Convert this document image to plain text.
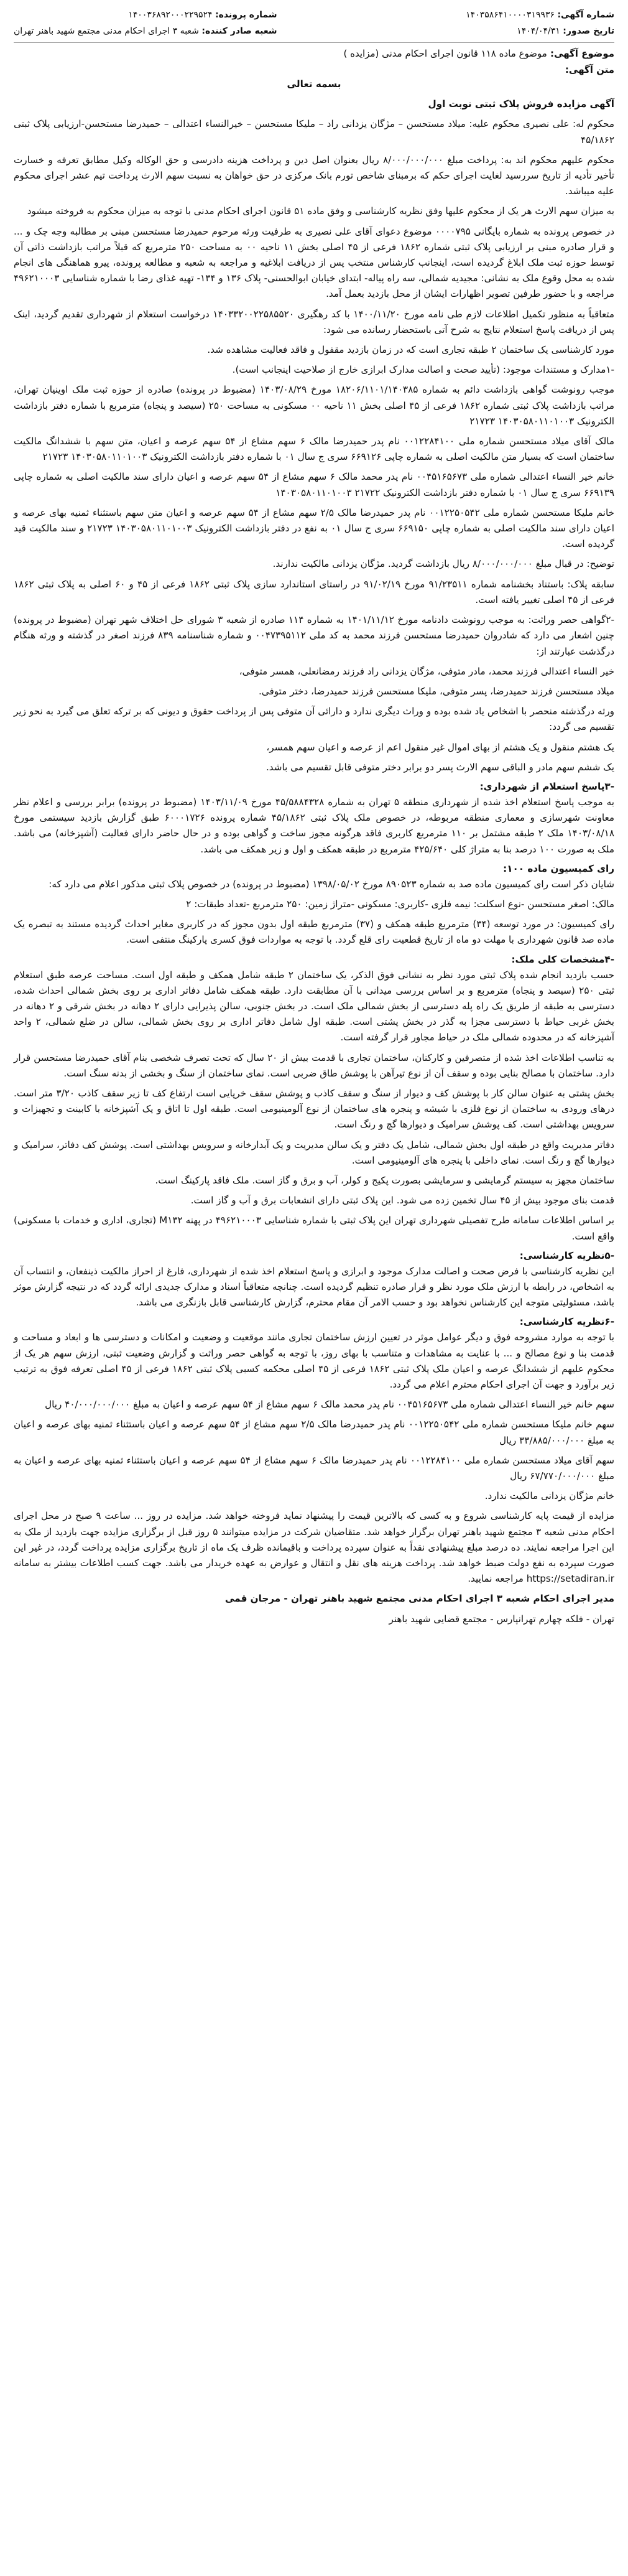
شماره آگهی: ۱۴۰۳۵۸۶۴۱۰۰۰۰۳۱۹۹۳۶
تاریخ صدور: ۱۴۰۴/۰۴/۳۱
شماره پرونده: ۱۴۰۰۳۶۸۹۲۰۰۰۲۲۹۵۲۴
شعبه صادر کننده: شعبه ۳ اجرای احکام مدنی مجتمع شهید باهنر تهران
موضوع آگهی: موضوع ماده ۱۱۸ قانون اجرای احکام مدنی (مزایده )
متن آگهی:

بسمه تعالی

آگهی مزایده فروش پلاک ثبتی نوبت اول

محکوم له: علی نصیری محکوم علیه: میلاد مستحسن – مژگان یزدانی راد – ملیکا مستحسن – خیرالنساء اعتدالی – حمیدرضا مستحسن-ارزیابی پلاک ثبتی ۴۵/۱۸۶۲

محکوم علیهم محکوم اند به: پرداخت مبلغ ۸/۰۰۰/۰۰۰/۰۰۰ ریال بعنوان اصل دین و پرداخت هزینه دادرسی و حق الوکاله وکیل مطابق تعرفه و خسارت تأخیر تأدیه از تاریخ سررسید لغایت اجرای حکم که برمبنای شاخص تورم بانک مرکزی در حق خواهان به نسبت سهم الارث پرداخت تیم عشر اجرای محکوم علیه میباشد.

به میزان سهم الارث هر یک از محکوم علیها وفق نظریه کارشناسی و وفق ماده ۵۱ قانون اجرای احکام مدنی با توجه به میزان محکوم به فروخته میشود

در خصوص پرونده به شماره بایگانی ۰۰۰۰۷۹۵ موضوع دعوای آقای علی نصیری به طرفیت ورثه مرحوم حمیدرضا مستحسن مبنی بر مطالبه وجه چک و ... و قرار صادره مبنی بر ارزیابی پلاک ثبتی شماره ۱۸۶۲ فرعی از ۴۵ اصلی بخش ۱۱ ناحیه ۰۰ به مساحت ۲۵۰ مترمربع که قبلاً مراتب بازداشت ذاتی آن توسط حوزه ثبت ملک ابلاغ گردیده است، اینجانب کارشناس منتخب پس از دریافت ابلاغیه و مراجعه به شعبه و مطالعه پرونده، پیرو هماهنگی های انجام شده به محل وقوع ملک به نشانی: مجیدیه شمالی، سه راه پیاله- ابتدای خیابان ابوالحسنی- پلاک ۱۳۶ و ۱۳۴- تهیه غذای رضا با شماره شناسایی ۴۹۶۲۱۰۰۰۳ مراجعه و با حضور طرفین تصویر اظهارات ایشان از محل بازدید بعمل آمد.

متعاقباً به منظور تکمیل اطلاعات لازم طی نامه مورخ ۱۴۰۰/۱۱/۲۰ با کد رهگیری ۱۴۰۳۳۲۰۰۲۲۵۸۵۵۲۰ درخواست استعلام از شهرداری تقدیم گردید، اینک پس از دریافت پاسخ استعلام نتایج به شرح آتی باستحضار رسانده می شود:

مورد کارشناسی یک ساختمان ۲ طبقه تجاری است که در زمان بازدید مقفول و فاقد فعالیت مشاهده شد.

-۱مدارک و مستندات موجود: (تأیید صحت و اصالت مدارک ابرازی خارج از صلاحیت اینجانب است).

موجب رونوشت گواهی بازداشت دائم به شماره ۱۸۲۰۶/۱۱۰۱/۱۴۰۳۸۵ مورخ ۱۴۰۳/۰۸/۲۹ (مضبوط در پرونده) صادره از حوزه ثبت ملک اوینیان تهران، مراتب بازداشت پلاک ثبتی شماره ۱۸۶۲ فرعی از ۴۵ اصلی بخش ۱۱ ناحیه ۰۰ مسکونی به مساحت ۲۵۰ (سیصد و پنجاه) مترمربع با شماره دفتر بازداشت الکترونیک ۱۴۰۳۰۵۸۰۱۱۰۱۰۰۳ ۲۱۷۲۳

مالک آقای میلاد مستحسن شماره ملی ۰۰۱۲۲۸۴۱۰۰ نام پدر حمیدرضا مالک ۶ سهم مشاع از ۵۴ سهم عرصه و اعیان، متن سهم با ششدانگ مالکیت ساختمان است که بسیار متن مالکیت اصلی به شماره چاپی ۶۶۹۱۲۶ سری ج سال ۰۱ با شماره دفتر بازداشت الکترونیک ۱۴۰۳۰۵۸۰۱۱۰۱۰۰۳ ۲۱۷۲۳

خانم خیر النساء اعتدالی شماره ملی ۰۰۴۵۱۶۵۶۷۳ نام پدر محمد مالک ۶ سهم مشاع از ۵۴ سهم عرصه و اعیان دارای سند مالکیت اصلی به شماره چاپی ۶۶۹۱۳۹ سری ج سال ۰۱ با شماره دفتر بازداشت الکترونیک ۲۱۷۲۲ ۱۴۰۳۰۵۸۰۱۱۰۱۰۰۳

خانم ملیکا مستحسن شماره ملی ۰۰۱۲۲۵۰۵۴۲ نام پدر حمیدرضا مالک ۲/۵ سهم مشاع از ۵۴ سهم عرصه و اعیان متن سهم باستثناء ثمنیه بهای عرصه و اعیان دارای سند مالکیت اصلی به شماره چاپی ۶۶۹۱۵۰ سری ج سال ۰۱ به نفع در دفتر بازداشت الکترونیک ۱۴۰۳۰۵۸۰۱۱۰۱۰۰۳ ۲۱۷۲۳ و سند مالکیت قید گردیده است.

توضیح: در قبال مبلغ ۸/۰۰۰/۰۰۰/۰۰۰ ریال بازداشت گردید. مژگان یزدانی مالکیت ندارند.

سابقه پلاک: باستناد بخشنامه شماره ۹۱/۲۳۵۱۱ مورخ ۹۱/۰۲/۱۹ در راستای استاندارد سازی پلاک ثبتی ۱۸۶۲ فرعی از ۴۵ و ۶۰ اصلی به پلاک ثبتی ۱۸۶۲ فرعی از ۴۵ اصلی تغییر یافته است.

-۲گواهی حصر وراثت: به موجب رونوشت دادنامه مورخ ۱۴۰۱/۱۱/۱۲ به شماره ۱۱۴ صادره از شعبه ۳ شورای حل اختلاف شهر تهران (مضبوط در پرونده) چنین اشعار می دارد که شادروان حمیدرضا مستحسن فرزند محمد به کد ملی ۰۰۴۷۳۹۵۱۱۲ و شماره شناسنامه ۸۳۹ فرزند اصغر در گذشته و ورثه هنگام درگذشت عبارتند از:

خیر النساء اعتدالی فرزند محمد، مادر متوفی، مژگان یزدانی راد فرزند رمضانعلی، همسر متوفی،

میلاد مستحسن فرزند حمیدرضا، پسر متوفی، ملیکا مستحسن فرزند حمیدرضا، دختر متوفی.

ورثه درگذشته منحصر با اشخاص یاد شده بوده و وراث دیگری ندارد و دارائی آن متوفی پس از پرداخت حقوق و دیونی که بر ترکه تعلق می گیرد به نحو زیر تقسیم می گردد:

یک هشتم منقول و یک هشتم از بهای اموال غیر منقول اعم از عرصه و اعیان سهم همسر،

یک ششم سهم مادر و الباقی سهم الارث پسر دو برابر دختر متوفی قابل تقسیم می باشد.

-۳پاسخ استعلام از شهرداری:

به موجب پاسخ استعلام اخذ شده از شهرداری منطقه ۵ تهران به شماره ۴۵/۵۸۸۴۳۲۸ مورخ ۱۴۰۳/۱۱/۰۹ (مضبوط در پرونده) برابر بررسی و اعلام نظر معاونت شهرسازی و معماری منطقه مربوطه، در خصوص ملک پلاک ثبتی ۴۵/۱۸۶۲ شماره پرونده ۶۰۰۰۱۷۲۶ طبق گزارش بازدید سیستمی مورخ ۱۴۰۳/۰۸/۱۸ ملک ۲ طبقه مشتمل بر ۱۱۰ مترمربع کاربری فاقد هرگونه مجوز ساخت و گواهی بوده و در حال حاضر دارای فعالیت (آشپزخانه) می باشد. ملک به صورت ۱۰۰ درصد بنا به متراژ کلی ۴۲۵/۶۴۰ مترمربع در طبقه همکف و اول و زیر همکف می باشد.

رای کمیسیون ماده ۱۰۰:

شایان ذکر است رای کمیسیون ماده صد به شماره ۸۹۰۵۲۳ مورخ ۱۳۹۸/۰۵/۰۲ (مضبوط در پرونده) در خصوص پلاک ثبتی مذکور اعلام می دارد که:

مالک: اصغر مستحسن -نوع اسکلت: نیمه فلزی -کاربری: مسکونی -متراژ زمین: ۲۵۰ مترمربع -تعداد طبقات: ۲

رای کمیسیون: در مورد توسعه (۳۴) مترمربع طبقه همکف و (۳۷) مترمربع طبقه اول بدون مجوز که در کاربری مغایر احداث گردیده مستند به تبصره یک ماده صد قانون شهرداری با مهلت دو ماه از تاریخ قطعیت رای قلع گردد. با توجه به مواردات فوق کسری پارکینگ منتفی است.

-۴مشخصات کلی ملک:

حسب بازدید انجام شده پلاک ثبتی مورد نظر به نشانی فوق الذکر، یک ساختمان ۲ طبقه شامل همکف و طبقه اول است. مساحت عرصه طبق استعلام ثبتی ۲۵۰ (سیصد و پنجاه) مترمربع و بر اساس بررسی میدانی با آن مطابقت دارد. طبقه همکف شامل دفاتر اداری بر روی بخش شمالی احداث شده، دسترسی به طبقه از طریق یک راه پله دسترسی از بخش شمالی ملک است. در بخش جنوبی، سالن پذیرایی دارای ۲ دهانه در بخش شرقی و ۲ دهانه در بخش غربی حیاط با دسترسی مجزا به گذر در بخش پشتی است. طبقه اول شامل دفاتر اداری بر روی بخش شمالی، سالن در ضلع شمالی، ۲ واحد آشپزخانه که در محدوده شمالی ملک در حیاط مجاور قرار گرفته است.

به تناسب اطلاعات اخذ شده از متصرفین و کارکنان، ساختمان تجاری با قدمت بیش از ۲۰ سال که تحت تصرف شخصی بنام آقای حمیدرضا مستحسن قرار دارد. ساختمان با مصالح بنایی بوده و سقف آن از نوع تیرآهن با پوشش طاق ضربی است. نمای ساختمان از سنگ و بخشی از بدنه سنگ است.

بخش پشتی به عنوان سالن کار با پوشش کف و دیوار از سنگ و سقف کاذب و پوشش سقف خرپایی است ارتفاع کف تا زیر سقف کاذب ۳/۲۰ متر است. درهای ورودی به ساختمان از نوع فلزی با شیشه و پنجره های ساختمان از نوع آلومینیومی است. طبقه اول تا اتاق و یک آشپزخانه با کابینت و تجهیزات و سرویس بهداشتی است. کف پوشش سرامیک و دیوارها گچ و رنگ است.

دفاتر مدیریت واقع در طبقه اول بخش شمالی، شامل یک دفتر و یک سالن مدیریت و یک آبدارخانه و سرویس بهداشتی است. پوشش کف دفاتر، سرامیک و دیوارها گچ و رنگ است. نمای داخلی با پنجره های آلومینیومی است.

ساختمان مجهز به سیستم گرمایشی و سرمایشی بصورت پکیج و کولر، آب و برق و گاز است. ملک فاقد پارکینگ است.

قدمت بنای موجود بیش از ۴۵ سال تخمین زده می شود. این پلاک ثبتی دارای انشعابات برق و آب و گاز است.

بر اساس اطلاعات سامانه طرح تفصیلی شهرداری تهران این پلاک ثبتی با شماره شناسایی ۴۹۶۲۱۰۰۰۳ در پهنه M۱۳۲ (تجاری، اداری و خدمات با مسکونی) واقع است.

-۵نظریه کارشناسی:

این نظریه کارشناسی با فرض صحت و اصالت مدارک موجود و ابرازی و پاسخ استعلام اخذ شده از شهرداری، فارغ از احراز مالکیت ذینفعان، و انتساب آن به اشخاص، در رابطه با ارزش ملک مورد نظر و قرار صادره تنظیم گردیده است. چنانچه متعاقباً اسناد و مدارک جدیدی ارائه گردد که در نتیجه گزارش موثر باشد، مسئولیتی متوجه این کارشناس نخواهد بود و حسب الامر آن مقام محترم، گزارش کارشناسی قابل بازنگری می باشد.

-۶نظریه کارشناسی:

با توجه به موارد مشروحه فوق و دیگر عوامل موثر در تعیین ارزش ساختمان تجاری مانند موقعیت و وضعیت و امکانات و دسترسی ها و ابعاد و مساحت و قدمت بنا و نوع مصالح و ... با عنایت به مشاهدات و متناسب با بهای روز، با توجه به گواهی حصر وراثت و گزارش وضعیت ثبتی، ارزش سهم هر یک از محکوم علیهم از ششدانگ عرصه و اعیان ملک پلاک ثبتی ۱۸۶۲ فرعی از ۴۵ اصلی محکمه کسبی پلاک ثبتی ۱۸۶۲ فرعی از ۴۵ اصلی تعرفه فوق به ترتیب زیر برآورد و جهت آن اجرای احکام محترم اعلام می گردد.

سهم خانم خیر النساء اعتدالی شماره ملی ۰۰۴۵۱۶۵۶۷۳ نام پدر محمد مالک ۶ سهم مشاع از ۵۴ سهم عرصه و اعیان به مبلغ ۴۰/۰۰۰/۰۰۰/۰۰۰ ریال

سهم خانم ملیکا مستحسن شماره ملی ۰۰۱۲۲۵۰۵۴۲ نام پدر حمیدرضا مالک ۲/۵ سهم مشاع از ۵۴ سهم عرصه و اعیان باستثناء ثمنیه بهای عرصه و اعیان به مبلغ ۳۳/۸۸۵/۰۰۰/۰۰۰ ریال

سهم آقای میلاد مستحسن شماره ملی ۰۰۱۲۲۸۴۱۰۰ نام پدر حمیدرضا مالک ۶ سهم مشاع از ۵۴ سهم عرصه و اعیان باستثناء ثمنیه بهای عرصه و اعیان به مبلغ ۶۷/۷۷۰/۰۰۰/۰۰۰ ریال

خانم مژگان یزدانی مالکیت ندارد.

مزایده از قیمت پایه کارشناسی شروع و به کسی که بالاترین قیمت را پیشنهاد نماید فروخته خواهد شد. مزایده در روز ... ساعت ۹ صبح در محل اجرای احکام مدنی شعبه ۳ مجتمع شهید باهنر تهران برگزار خواهد شد. متقاضیان شرکت در مزایده میتوانند ۵ روز قبل از برگزاری مزایده جهت بازدید از ملک به این اجرا مراجعه نمایند. ده درصد مبلغ پیشنهادی نقداً به عنوان سپرده پرداخت و باقیمانده ظرف یک ماه از تاریخ برگزاری مزایده پرداخت گردد، در غیر این صورت سپرده به نفع دولت ضبط خواهد شد. پرداخت هزینه های نقل و انتقال و عوارض به عهده خریدار می باشد. جهت کسب اطلاعات بیشتر به سامانه https://setadiran.ir مراجعه نمایید.

مدیر اجرای احکام شعبه ۳ اجرای احکام مدنی مجتمع شهید باهنر تهران - مرجان قمی

تهران - فلکه چهارم تهرانپارس - مجتمع قضایی شهید باهنر
